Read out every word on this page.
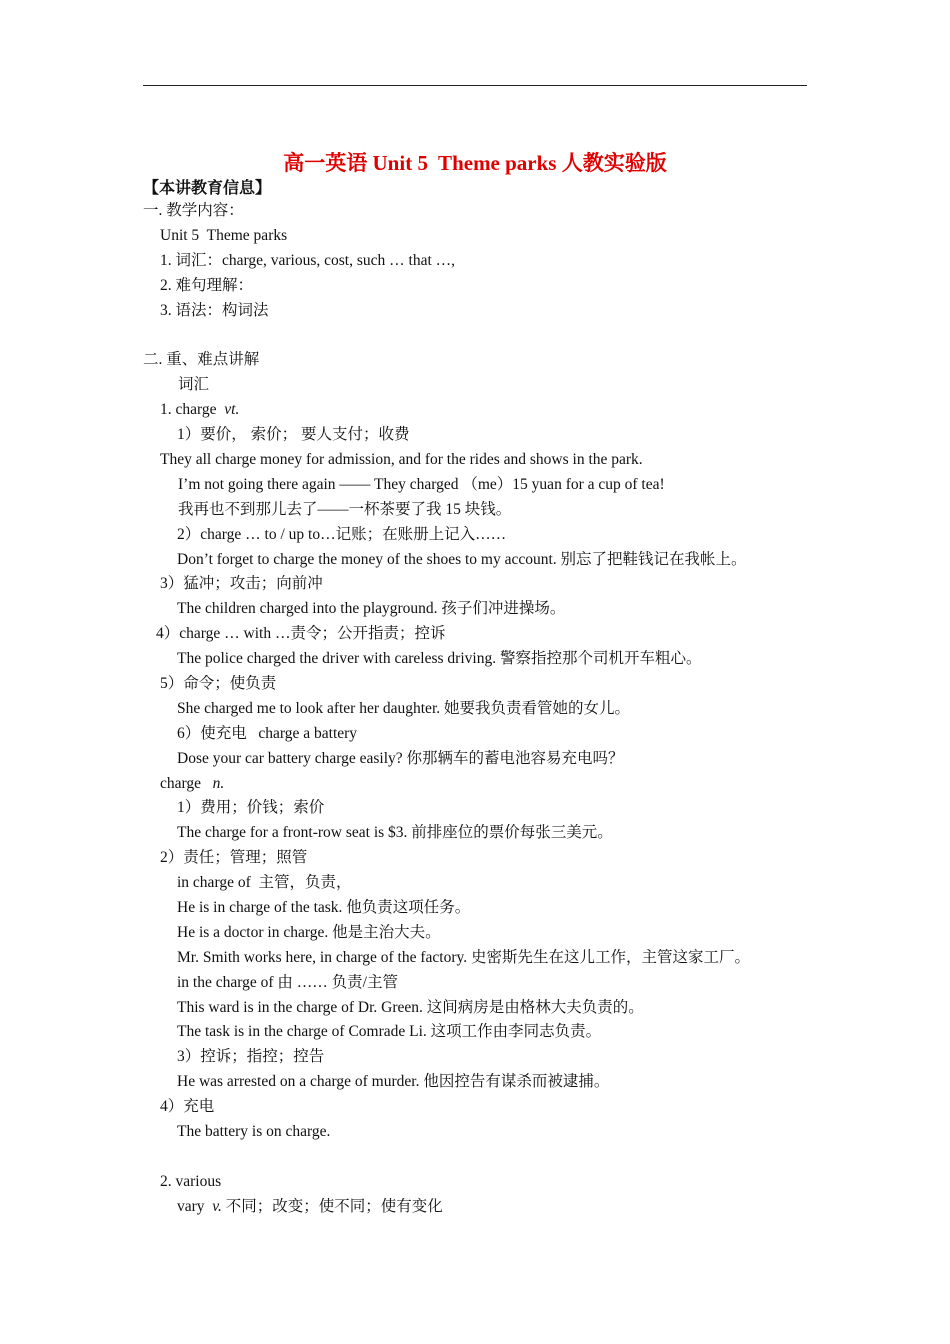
高一英语 Unit 5  Theme parks 人教实验版
【本讲教育信息】
一. 教学内容：
Unit 5  Theme parks
1. 词汇：charge, various, cost, such … that …,
2. 难句理解：
3. 语法：构词法
二. 重、难点讲解
词汇
1. charge  vt.
1）要价， 索价； 要人支付；收费
They all charge money for admission, and for the rides and shows in the park.
I’m not going there again —— They charged （me）15 yuan for a cup of tea!
我再也不到那儿去了——一杯茶要了我 15 块钱。
2）charge … to / up to…记账；在账册上记入……
Don’t forget to charge the money of the shoes to my account. 别忘了把鞋钱记在我帐上。
3）猛冲；攻击；向前冲
The children charged into the playground. 孩子们冲进操场。
4）charge … with …责令；公开指责；控诉
The police charged the driver with careless driving. 警察指控那个司机开车粗心。
5）命令；使负责
She charged me to look after her daughter. 她要我负责看管她的女儿。
6）使充电   charge a battery
Dose your car battery charge easily? 你那辆车的蓄电池容易充电吗？
charge   n.
1）费用；价钱；索价
The charge for a front-row seat is $3. 前排座位的票价每张三美元。
2）责任；管理；照管
in charge of  主管，负责，
He is in charge of the task. 他负责这项任务。
He is a doctor in charge. 他是主治大夫。
Mr. Smith works here, in charge of the factory. 史密斯先生在这儿工作，主管这家工厂。
in the charge of 由 …… 负责/主管
This ward is in the charge of Dr. Green. 这间病房是由格林大夫负责的。
The task is in the charge of Comrade Li. 这项工作由李同志负责。
3）控诉；指控；控告
He was arrested on a charge of murder. 他因控告有谋杀而被逮捕。
4）充电
The battery is on charge.
2. various
vary  v. 不同；改变；使不同；使有变化
